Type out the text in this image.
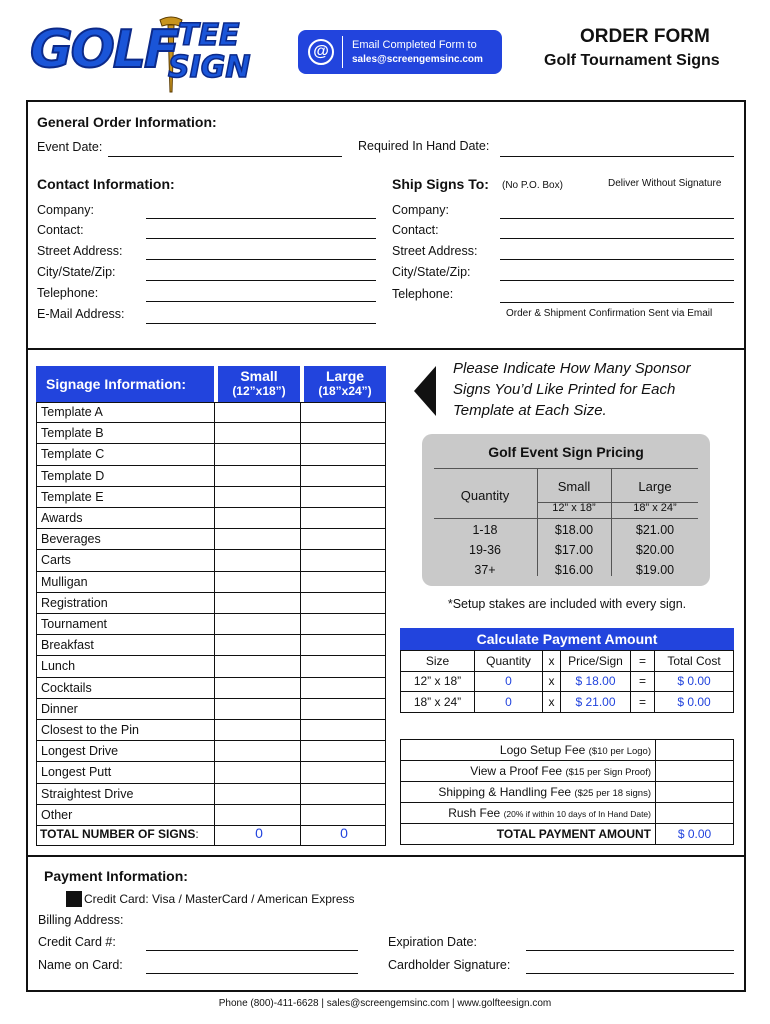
GOLF TEE
SIGN	@	Email Completed Form to
sales@screengemsinc.com
ORDER FORM
Golf Tournament Signs
General Order Information:
Event Date:	Required In Hand Date:
Contact Information:
Company:
Contact:
Street Address:
City/State/Zip:
Telephone:
E-Mail Address:
Ship Signs To: (No P.O. Box)	Deliver Without Signature
Company:
Contact:
Street Address:
City/State/Zip:
Telephone:
Order & Shipment Confirmation Sent via Email
Signage Information:	Small
(12”x18”)
Large
(18”x24”)
Template A
Template B
Template C
Template D
Template E
Awards
Beverages
Carts
Mulligan
Registration
Tournament
Breakfast
Lunch
Cocktails
Dinner
Closest to the Pin
Longest Drive
Longest Putt
Straightest Drive
Other
TOTAL NUMBER OF SIGNS:	0	0
Please Indicate How Many Sponsor Signs You’d Like Printed for Each Template at Each Size.
Golf Event Sign Pricing
Quantity
Small
12” x 18”
Large
18” x 24”
1-18	$18.00	$21.00
19-36	$17.00	$20.00
37+	$16.00	$19.00
*Setup stakes are included with every sign.
Calculate Payment Amount
Size	Quantity	x	Price/Sign	=	Total Cost
12” x 18”	0	x	$ 18.00	=	$ 0.00
18” x 24”	0	x	$ 21.00	=	$ 0.00
Logo Setup Fee ($10 per Logo)	
View a Proof Fee ($15 per Sign Proof)	
Shipping & Handling Fee ($25 per 18 signs)	
Rush Fee (20% if within 10 days of In Hand Date)	
TOTAL PAYMENT AMOUNT	$ 0.00
Payment Information:
Credit Card: Visa / MasterCard / American Express
Billing Address:
Credit Card #:
Name on Card:
Expiration Date:
Cardholder Signature:
Phone (800)-411-6628 | sales@screengemsinc.com | www.golfteesign.com
